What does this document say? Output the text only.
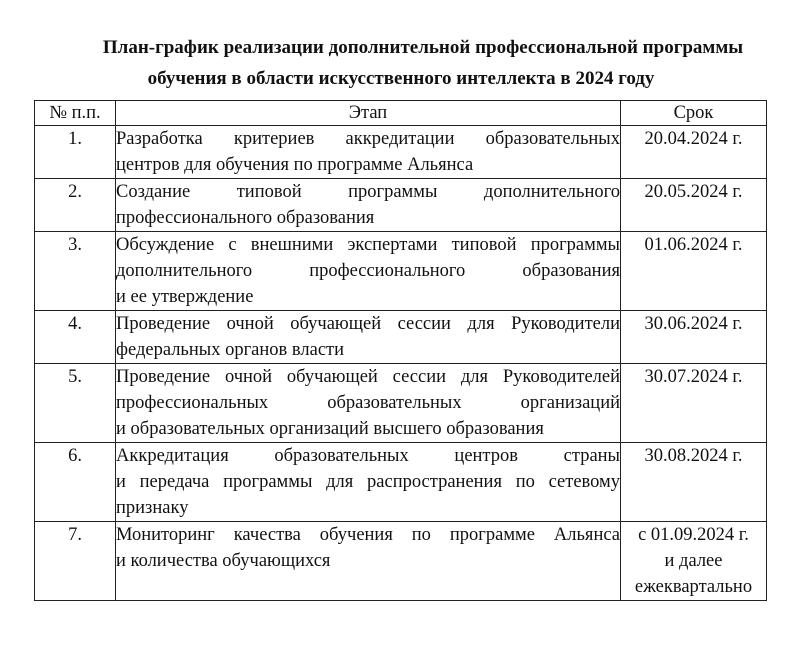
План-график реализации дополнительной профессиональной программы
обучения в области искусственного интеллекта в 2024 году
№ п.п.	Этап	Срок
1.	Разработка критериев аккредитации образовательных
центров для обучения по программе Альянса	20.04.2024 г.

2.	Создание типовой программы дополнительного
профессионального образования	20.05.2024 г.

3.	Обсуждение с внешними экспертами типовой программы
дополнительного профессионального образования
и ее утверждение	01.06.2024 г.

4.	Проведение очной обучающей сессии для Руководители
федеральных органов власти	30.06.2024 г.

5.	Проведение очной обучающей сессии для Руководителей
профессиональных образовательных организаций
и образовательных организаций высшего образования	30.07.2024 г.

6.	Аккредитация образовательных центров страны
и передача программы для распространения по сетевому
признаку	30.08.2024 г.

7.	Мониторинг качества обучения по программе Альянса
и количества обучающихся	с 01.09.2024 г.
и далее
ежеквартально
